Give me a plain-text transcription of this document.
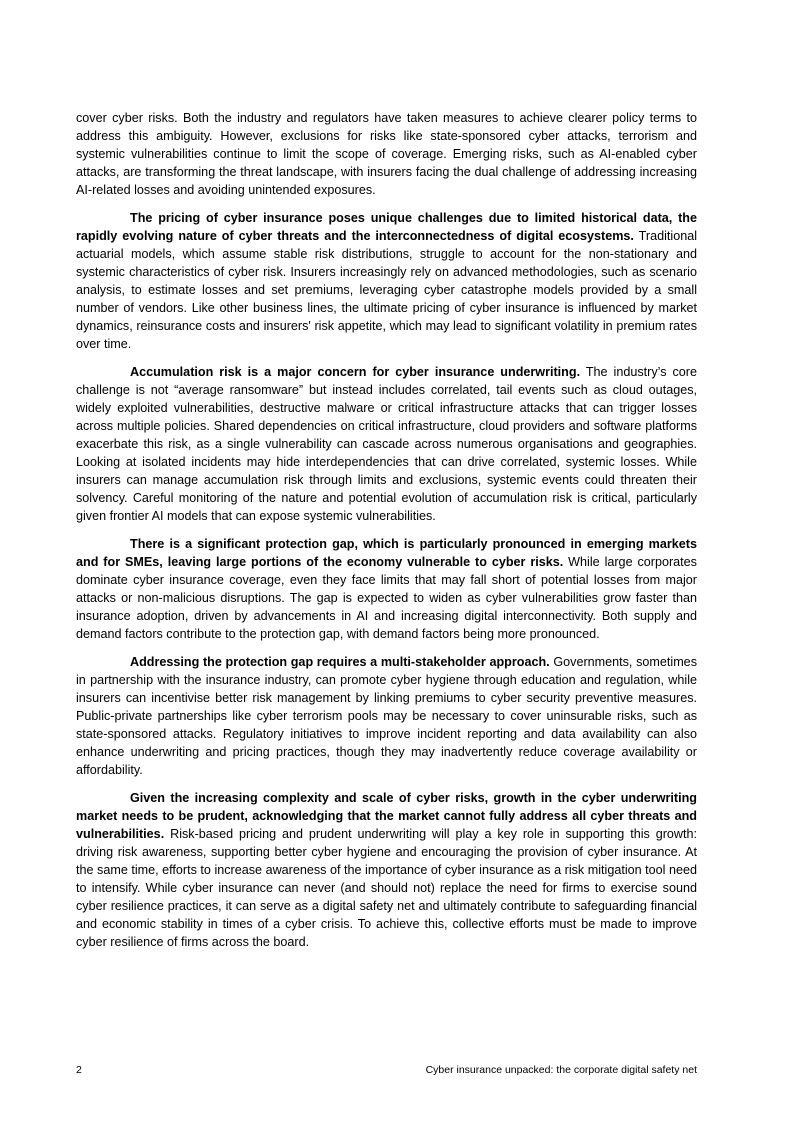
cover cyber risks. Both the industry and regulators have taken measures to achieve clearer policy terms to address this ambiguity. However, exclusions for risks like state-sponsored cyber attacks, terrorism and systemic vulnerabilities continue to limit the scope of coverage. Emerging risks, such as AI-enabled cyber attacks, are transforming the threat landscape, with insurers facing the dual challenge of addressing increasing AI-related losses and avoiding unintended exposures.

The pricing of cyber insurance poses unique challenges due to limited historical data, the rapidly evolving nature of cyber threats and the interconnectedness of digital ecosystems. Traditional actuarial models, which assume stable risk distributions, struggle to account for the non-stationary and systemic characteristics of cyber risk. Insurers increasingly rely on advanced methodologies, such as scenario analysis, to estimate losses and set premiums, leveraging cyber catastrophe models provided by a small number of vendors. Like other business lines, the ultimate pricing of cyber insurance is influenced by market dynamics, reinsurance costs and insurers' risk appetite, which may lead to significant volatility in premium rates over time.

Accumulation risk is a major concern for cyber insurance underwriting. The industry’s core challenge is not “average ransomware” but instead includes correlated, tail events such as cloud outages, widely exploited vulnerabilities, destructive malware or critical infrastructure attacks that can trigger losses across multiple policies. Shared dependencies on critical infrastructure, cloud providers and software platforms exacerbate this risk, as a single vulnerability can cascade across numerous organisations and geographies. Looking at isolated incidents may hide interdependencies that can drive correlated, systemic losses. While insurers can manage accumulation risk through limits and exclusions, systemic events could threaten their solvency. Careful monitoring of the nature and potential evolution of accumulation risk is critical, particularly given frontier AI models that can expose systemic vulnerabilities.

There is a significant protection gap, which is particularly pronounced in emerging markets and for SMEs, leaving large portions of the economy vulnerable to cyber risks. While large corporates dominate cyber insurance coverage, even they face limits that may fall short of potential losses from major attacks or non-malicious disruptions. The gap is expected to widen as cyber vulnerabilities grow faster than insurance adoption, driven by advancements in AI and increasing digital interconnectivity. Both supply and demand factors contribute to the protection gap, with demand factors being more pronounced.

Addressing the protection gap requires a multi-stakeholder approach. Governments, sometimes in partnership with the insurance industry, can promote cyber hygiene through education and regulation, while insurers can incentivise better risk management by linking premiums to cyber security preventive measures. Public-private partnerships like cyber terrorism pools may be necessary to cover uninsurable risks, such as state-sponsored attacks. Regulatory initiatives to improve incident reporting and data availability can also enhance underwriting and pricing practices, though they may inadvertently reduce coverage availability or affordability.

Given the increasing complexity and scale of cyber risks, growth in the cyber underwriting market needs to be prudent, acknowledging that the market cannot fully address all cyber threats and vulnerabilities. Risk-based pricing and prudent underwriting will play a key role in supporting this growth: driving risk awareness, supporting better cyber hygiene and encouraging the provision of cyber insurance. At the same time, efforts to increase awareness of the importance of cyber insurance as a risk mitigation tool need to intensify. While cyber insurance can never (and should not) replace the need for firms to exercise sound cyber resilience practices, it can serve as a digital safety net and ultimately contribute to safeguarding financial and economic stability in times of a cyber crisis. To achieve this, collective efforts must be made to improve cyber resilience of firms across the board.

2	Cyber insurance unpacked: the corporate digital safety net
